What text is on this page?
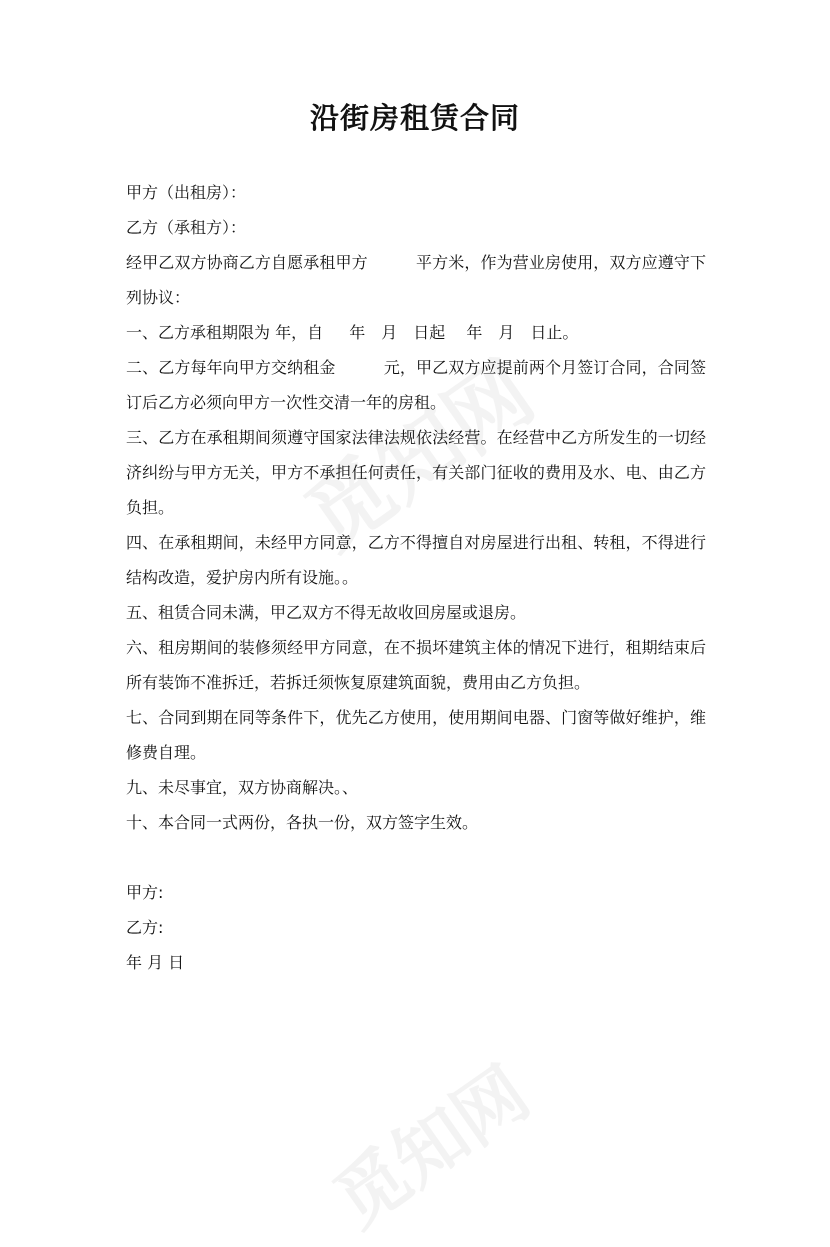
沿街房租赁合同

甲方（出租房）：

乙方（承租方）：

经甲乙双方协商乙方自愿承租甲方　　　平方米，作为营业房使用，双方应遵守下列协议：

一、乙方承租期限为 年，自 　 年　月　日起　 年　月　日止。

二、乙方每年向甲方交纳租金　　　元，甲乙双方应提前两个月签订合同，合同签订后乙方必须向甲方一次性交清一年的房租。

三、乙方在承租期间须遵守国家法律法规依法经营。在经营中乙方所发生的一切经济纠纷与甲方无关，甲方不承担任何责任，有关部门征收的费用及水、电、由乙方负担。

四、在承租期间，未经甲方同意，乙方不得擅自对房屋进行出租、转租，不得进行结构改造，爱护房内所有设施。。

五、租赁合同未满，甲乙双方不得无故收回房屋或退房。

六、租房期间的装修须经甲方同意，在不损坏建筑主体的情况下进行，租期结束后所有装饰不准拆迁，若拆迁须恢复原建筑面貌，费用由乙方负担。

七、合同到期在同等条件下，优先乙方使用，使用期间电器、门窗等做好维护，维修费自理。

九、未尽事宜，双方协商解决。、

十、本合同一式两份，各执一份，双方签字生效。

甲方:

乙方:

年 月 日
